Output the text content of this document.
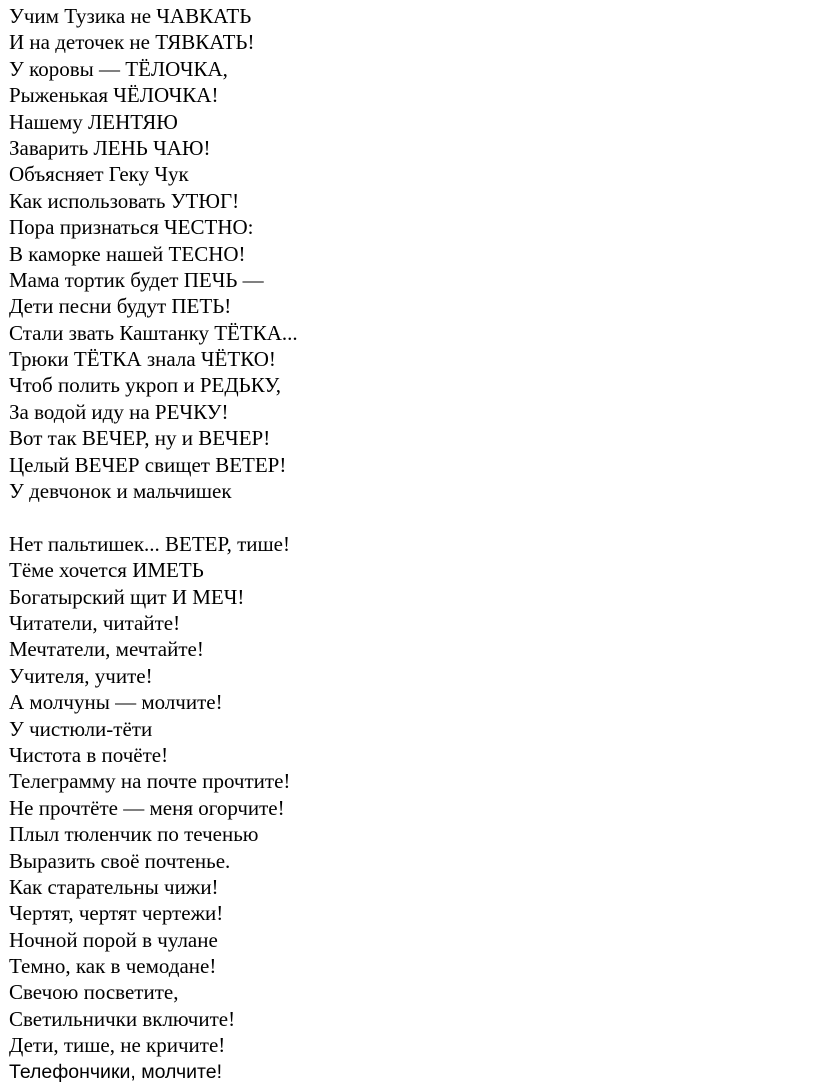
Учим Тузика не ЧАВКАТЬ
И на деточек не ТЯВКАТЬ!
У коровы — ТЁЛОЧКА,
Рыженькая ЧЁЛОЧКА!
Нашему ЛЕНТЯЮ
Заварить ЛЕНЬ ЧАЮ!
Объясняет Геку Чук
Как использовать УТЮГ!
Пора признаться ЧЕСТНО:
В каморке нашей ТЕСНО!
Мама тортик будет ПЕЧЬ —
Дети песни будут ПЕТЬ!
Стали звать Каштанку ТЁТКА...
Трюки ТЁТКА знала ЧЁТКО!
Чтоб полить укроп и РЕДЬКУ,
За водой иду на РЕЧКУ!
Вот так ВЕЧЕР, ну и ВЕЧЕР!
Целый ВЕЧЕР свищет ВЕТЕР!
У девчонок и мальчишек
Нет пальтишек... ВЕТЕР, тише!
Тёме хочется ИМЕТЬ
Богатырский щит И МЕЧ!
Читатели, читайте!
Мечтатели, мечтайте!
Учителя, учите!
А молчуны — молчите!
У чистюли-тёти
Чистота в почёте!
Телеграмму на почте прочтите!
Не прочтёте — меня огорчите!
Плыл тюленчик по теченью
Выразить своё почтенье.
Как старательны чижи!
Чертят, чертят чертежи!
Ночной порой в чулане
Темно, как в чемодане!
Свечою посветите,
Светильнички включите!
Дети, тише, не кричите!
Телефончики, молчите!
